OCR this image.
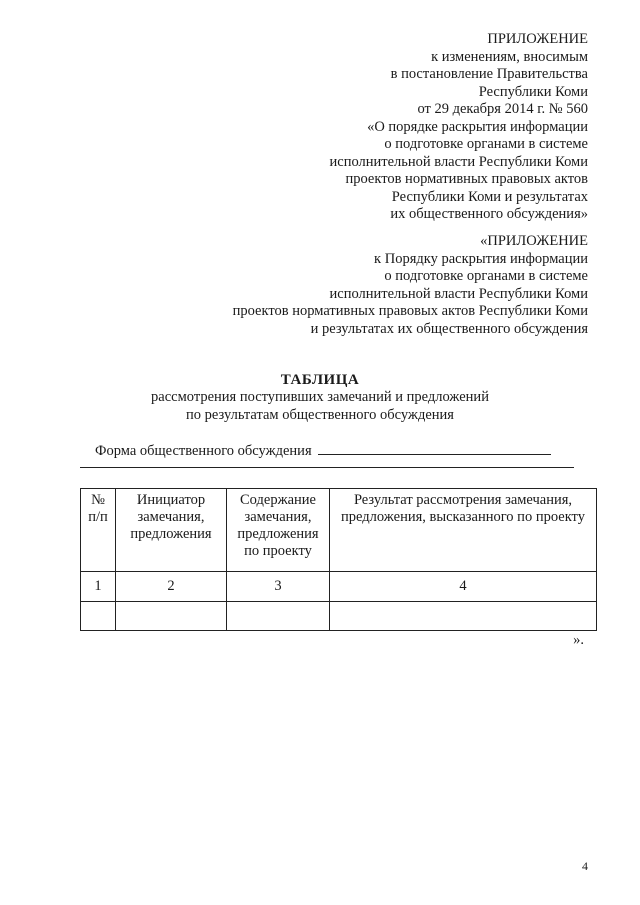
ПРИЛОЖЕНИЕ
к изменениям, вносимым
в постановление Правительства
Республики Коми
от 29 декабря 2014 г. № 560
«О порядке раскрытия информации
о подготовке органами в системе
исполнительной власти Республики Коми
проектов нормативных правовых актов
Республики Коми и результатах
их общественного обсуждения»
«ПРИЛОЖЕНИЕ
к Порядку раскрытия информации
о подготовке органами в системе
исполнительной власти Республики Коми
проектов нормативных правовых актов Республики Коми
и результатах их общественного обсуждения
ТАБЛИЦА
рассмотрения поступивших замечаний и предложений
по результатам общественного обсуждения
Форма общественного обсуждения
№ п/п	Инициатор замечания, предложения	Содержание замечания, предложения по проекту	Результат рассмотрения замечания, предложения, высказанного по проекту
1	2	3	4

».
4
